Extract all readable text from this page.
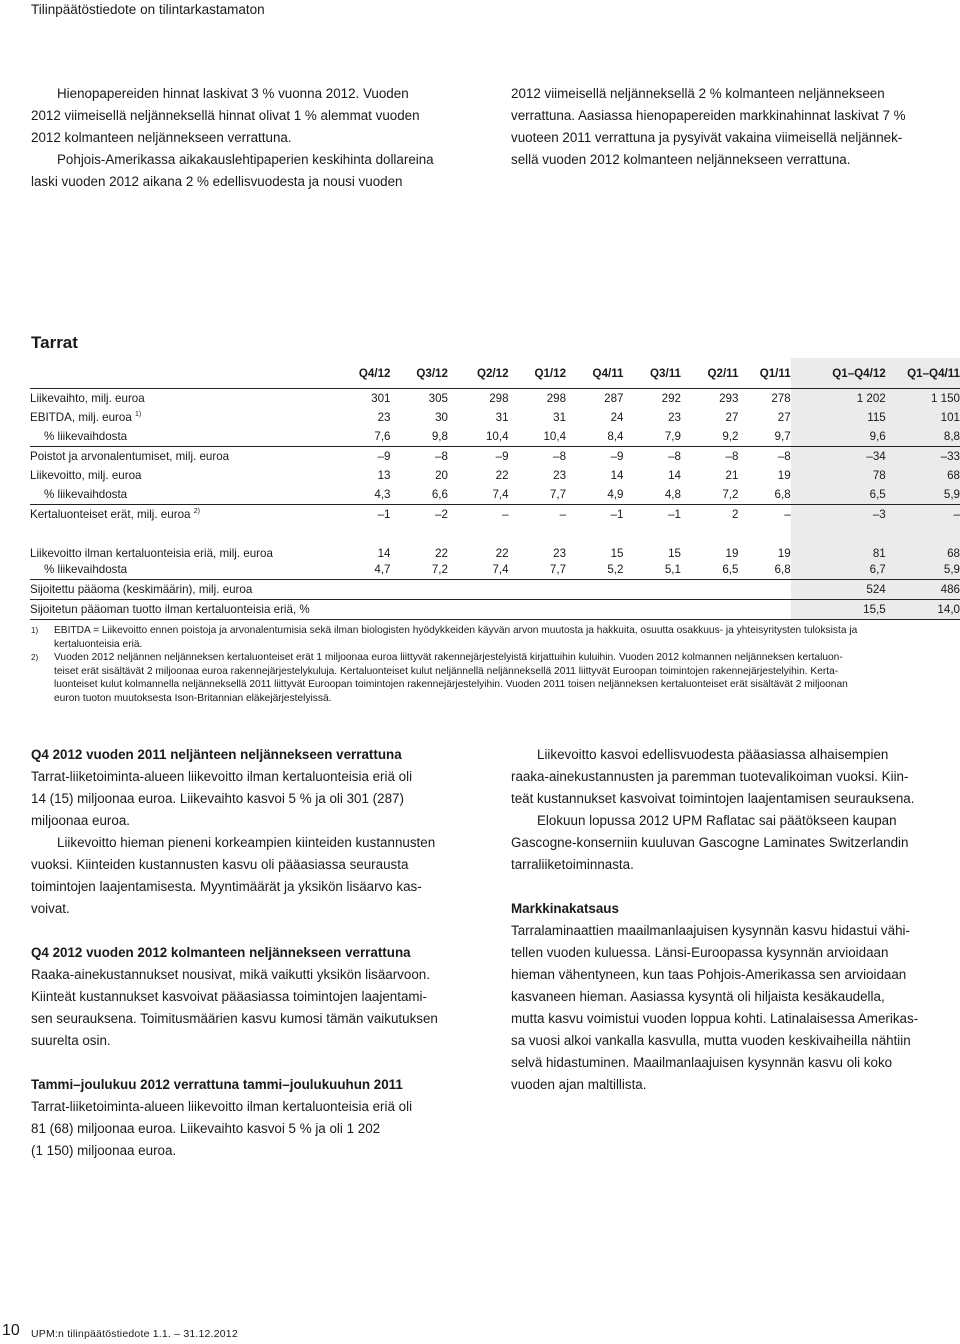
Tilinpäätöstiedote on tilintarkastamaton
Hienopapereiden hinnat laskivat 3 % vuonna 2012. Vuoden
2012 viimeisellä neljänneksellä hinnat olivat 1 % alemmat vuoden
2012 kolmanteen neljännekseen verrattuna.
Pohjois-Amerikassa aikakauslehtipaperien keskihinta dollareina
laski vuoden 2012 aikana 2 % edellisvuodesta ja nousi vuoden
2012 viimeisellä neljänneksellä 2 % kolmanteen neljännekseen
verrattuna. Aasiassa hienopapereiden markkinahinnat laskivat 7 %
vuoteen 2011 verrattuna ja pysyivät vakaina viimeisellä neljännek-
sellä vuoden 2012 kolmanteen neljännekseen verrattuna.
Tarrat
	Q4/12	Q3/12	Q2/12	Q1/12	Q4/11	Q3/11	Q2/11	Q1/11	Q1–Q4/12	Q1–Q4/11
Liikevaihto, milj. euroa	301	305	298	298	287	292	293	278	1 202	1 150
EBITDA, milj. euroa $^{1)}$	23	30	31	31	24	23	27	27	115	101
% liikevaihdosta	7,6	9,8	10,4	10,4	8,4	7,9	9,2	9,7	9,6	8,8
Poistot ja arvonalentumiset, milj. euroa	–9	–8	–9	–8	–9	–8	–8	–8	–34	–33
Liikevoitto, milj. euroa	13	20	22	23	14	14	21	19	78	68
% liikevaihdosta	4,3	6,6	7,4	7,7	4,9	4,8	7,2	6,8	6,5	5,9
Kertaluonteiset erät, milj. euroa $^{2)}$	–1	–2	–	–	–1	–1	2	–	–3	–
Liikevoitto ilman kertaluonteisia eriä, milj. euroa	14	22	22	23	15	15	19	19	81	68
% liikevaihdosta	4,7	7,2	7,4	7,7	5,2	5,1	6,5	6,8	6,7	5,9
Sijoitettu pääoma (keskimäärin), milj. euroa									524	486
Sijoitetun pääoman tuotto ilman kertaluonteisia eriä, %									15,5	14,0
1)	EBITDA = Liikevoitto ennen poistoja ja arvonalentumisia sekä ilman biologisten hyödykkeiden käyvän arvon muutosta ja hakkuita, osuutta osakkuus- ja yhteisyritysten tuloksista ja
kertaluonteisia eriä.
2)	Vuoden 2012 neljännen neljänneksen kertaluonteiset erät 1 miljoonaa euroa liittyvät rakennejärjestelyistä kirjattuihin kuluihin. Vuoden 2012 kolmannen neljänneksen kertaluon-
teiset erät sisältävät 2 miljoonaa euroa rakennejärjestelykuluja. Kertaluonteiset kulut neljännellä neljänneksellä 2011 liittyvät Euroopan toimintojen rakennejärjestelyihin. Kerta-
luonteiset kulut kolmannella neljänneksellä 2011 liittyvät Euroopan toimintojen rakennejärjestelyihin. Vuoden 2011 toisen neljänneksen kertaluonteiset erät sisältävät 2 miljoonan
euron tuoton muutoksesta Ison-Britannian eläkejärjestelyissä.
Q4 2012 vuoden 2011 neljänteen neljännekseen verrattuna
Tarrat-liiketoiminta-alueen liikevoitto ilman kertaluonteisia eriä oli
14 (15) miljoonaa euroa. Liikevaihto kasvoi 5 % ja oli 301 (287)
miljoonaa euroa.
Liikevoitto hieman pieneni korkeampien kiinteiden kustannusten
vuoksi. Kiinteiden kustannusten kasvu oli pääasiassa seurausta
toimintojen laajentamisesta. Myyntimäärät ja yksikön lisäarvo kas-
voivat.
Q4 2012 vuoden 2012 kolmanteen neljännekseen verrattuna
Raaka-ainekustannukset nousivat, mikä vaikutti yksikön lisäarvoon.
Kiinteät kustannukset kasvoivat pääasiassa toimintojen laajentami-
sen seurauksena. Toimitusmäärien kasvu kumosi tämän vaikutuksen
suurelta osin.
Tammi–joulukuu 2012 verrattuna tammi–joulukuuhun 2011
Tarrat-liiketoiminta-alueen liikevoitto ilman kertaluonteisia eriä oli
81 (68) miljoonaa euroa. Liikevaihto kasvoi 5 % ja oli 1 202
(1 150) miljoonaa euroa.
Liikevoitto kasvoi edellisvuodesta pääasiassa alhaisempien
raaka-ainekustannusten ja paremman tuotevalikoiman vuoksi. Kiin-
teät kustannukset kasvoivat toimintojen laajentamisen seurauksena.
Elokuun lopussa 2012 UPM Raflatac sai päätökseen kaupan
Gascogne-konserniin kuuluvan Gascogne Laminates Switzerlandin
tarraliiketoiminnasta.
Markkinakatsaus
Tarralaminaattien maailmanlaajuisen kysynnän kasvu hidastui vähi-
tellen vuoden kuluessa. Länsi-Euroopassa kysynnän arvioidaan
hieman vähentyneen, kun taas Pohjois-Amerikassa sen arvioidaan
kasvaneen hieman. Aasiassa kysyntä oli hiljaista kesäkaudella,
mutta kasvu voimistui vuoden loppua kohti. Latinalaisessa Amerikas-
sa vuosi alkoi vankalla kasvulla, mutta vuoden keskivaiheilla nähtiin
selvä hidastuminen. Maailmanlaajuisen kysynnän kasvu oli koko
vuoden ajan maltillista.
10 UPM:n tilinpäätöstiedote 1.1. – 31.12.2012
